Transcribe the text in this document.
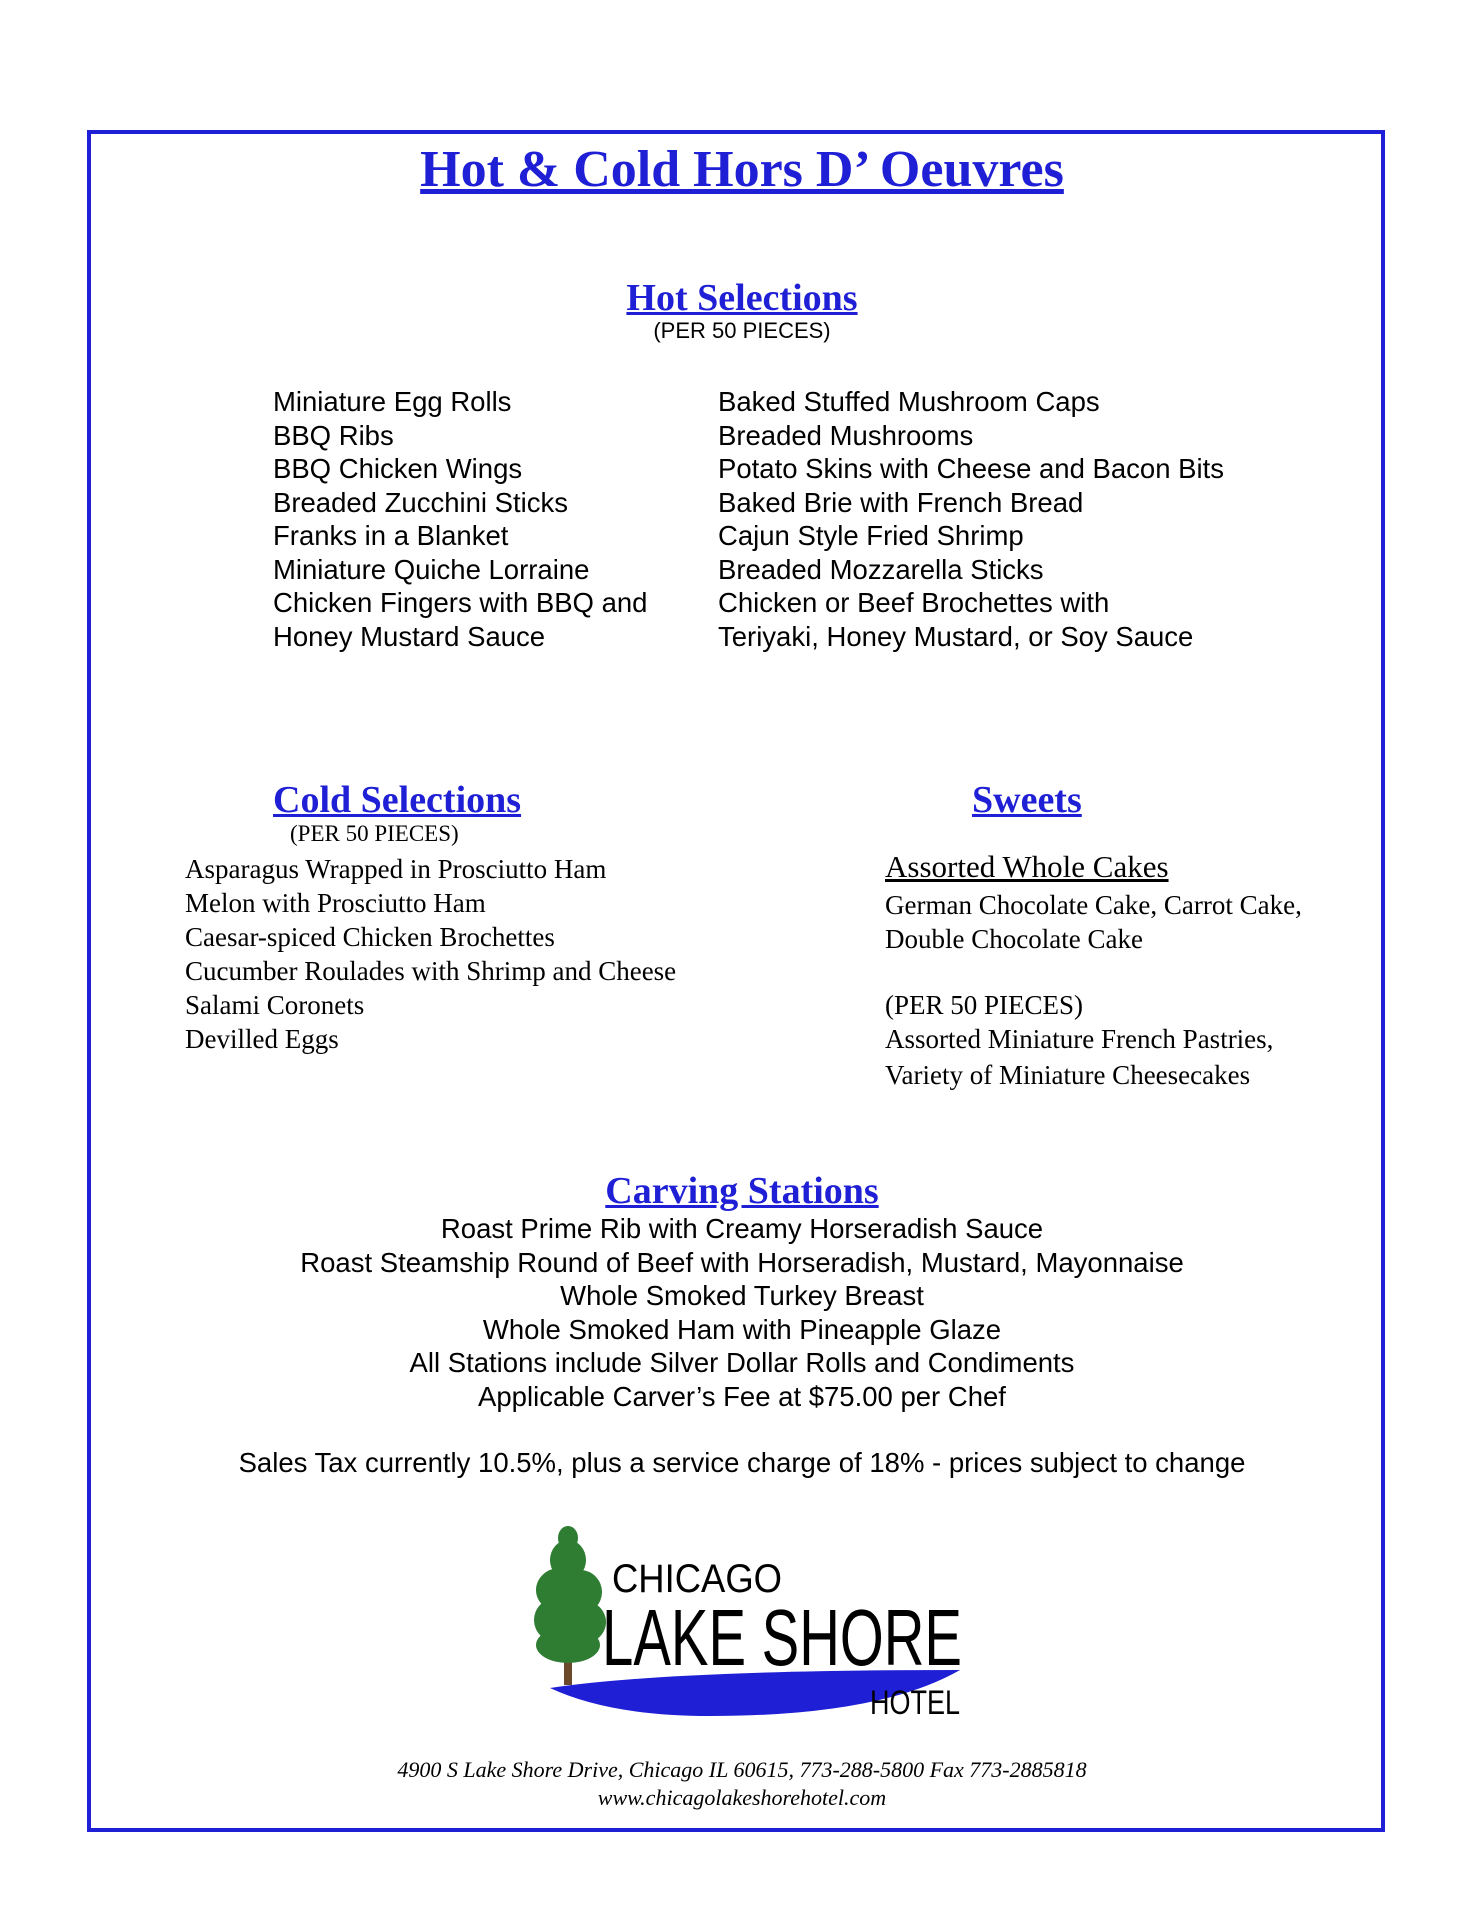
Hot & Cold Hors D’ Oeuvres
Hot Selections
(PER 50 PIECES)
Miniature Egg Rolls
BBQ Ribs
BBQ Chicken Wings
Breaded Zucchini Sticks
Franks in a Blanket
Miniature Quiche Lorraine
Chicken Fingers with BBQ and
Honey Mustard Sauce
Baked Stuffed Mushroom Caps
Breaded Mushrooms
Potato Skins with Cheese and Bacon Bits
Baked Brie with French Bread
Cajun Style Fried Shrimp
Breaded Mozzarella Sticks
Chicken or Beef Brochettes with
Teriyaki, Honey Mustard, or Soy Sauce
Cold Selections
(PER 50 PIECES)
Asparagus Wrapped in Prosciutto Ham
Melon with Prosciutto Ham
Caesar-spiced Chicken Brochettes
Cucumber Roulades with Shrimp and Cheese
Salami Coronets
Devilled Eggs
Sweets
Assorted Whole Cakes
German Chocolate Cake, Carrot Cake,
Double Chocolate Cake
(PER 50 PIECES)
Assorted Miniature French Pastries,
Variety of Miniature Cheesecakes
Carving Stations
Roast Prime Rib with Creamy Horseradish Sauce
Roast Steamship Round of Beef with Horseradish, Mustard, Mayonnaise
Whole Smoked Turkey Breast
Whole Smoked Ham with Pineapple Glaze
All Stations include Silver Dollar Rolls and Condiments
Applicable Carver’s Fee at $75.00 per Chef
Sales Tax currently 10.5%, plus a service charge of 18% - prices subject to change
CHICAGO
LAKE SHORE
HOTEL
4900 S Lake Shore Drive, Chicago IL 60615, 773-288-5800 Fax 773-2885818
www.chicagolakeshorehotel.com
